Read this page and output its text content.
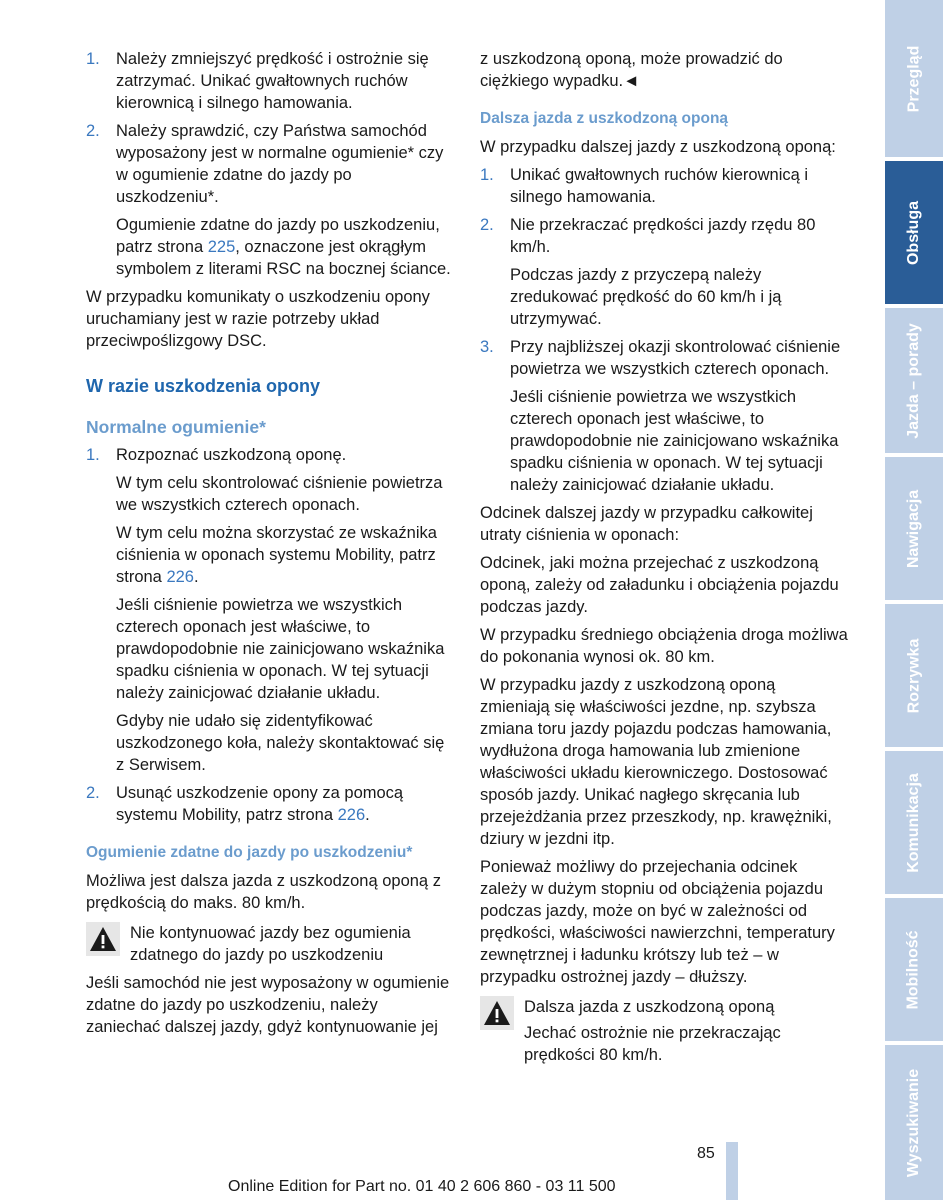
1. Należy zmniejszyć prędkość i ostrożnie się zatrzymać. Unikać gwałtownych ruchów kierownicą i silnego hamowania.
2. Należy sprawdzić, czy Państwa samochód wyposażony jest w normalne ogumienie* czy w ogumienie zdatne do jazdy po uszkodzeniu*.

Ogumienie zdatne do jazdy po uszkodzeniu, patrz strona 225, oznaczone jest okrągłym symbolem z literami RSC na bocznej ściance.

W przypadku komunikaty o uszkodzeniu opony uruchamiany jest w razie potrzeby układ przeciwpoślizgowy DSC.

W razie uszkodzenia opony
Normalne ogumienie*
1. Rozpoznać uszkodzoną oponę.

W tym celu skontrolować ciśnienie powietrza we wszystkich czterech oponach.

W tym celu można skorzystać ze wskaźnika ciśnienia w oponach systemu Mobility, patrz strona 226.

Jeśli ciśnienie powietrza we wszystkich czterech oponach jest właściwe, to prawdopodobnie nie zainicjowano wskaźnika spadku ciśnienia w oponach. W tej sytuacji należy zainicjować działanie układu.

Gdyby nie udało się zidentyfikować uszkodzonego koła, należy skontaktować się z Serwisem.

2. Usunąć uszkodzenie opony za pomocą systemu Mobility, patrz strona 226.
Ogumienie zdatne do jazdy po uszkodzeniu*

Możliwa jest dalsza jazda z uszkodzoną oponą z prędkością do maks. 80 km/h.

Nie kontynuować jazdy bez ogumienia zdatnego do jazdy po uszkodzeniu

Jeśli samochód nie jest wyposażony w ogumienie zdatne do jazdy po uszkodzeniu, należy zaniechać dalszej jazdy, gdyż kontynuowanie jej

z uszkodzoną oponą, może prowadzić do ciężkiego wypadku.◄

Dalsza jazda z uszkodzoną oponą

W przypadku dalszej jazdy z uszkodzoną oponą:

1. Unikać gwałtownych ruchów kierownicą i silnego hamowania.
2. Nie przekraczać prędkości jazdy rzędu 80 km/h.

Podczas jazdy z przyczepą należy zredukować prędkość do 60 km/h i ją utrzymywać.

3. Przy najbliższej okazji skontrolować ciśnienie powietrza we wszystkich czterech oponach.

Jeśli ciśnienie powietrza we wszystkich czterech oponach jest właściwe, to prawdopodobnie nie zainicjowano wskaźnika spadku ciśnienia w oponach. W tej sytuacji należy zainicjować działanie układu.

Odcinek dalszej jazdy w przypadku całkowitej utraty ciśnienia w oponach:

Odcinek, jaki można przejechać z uszkodzoną oponą, zależy od załadunku i obciążenia pojazdu podczas jazdy.

W przypadku średniego obciążenia droga możliwa do pokonania wynosi ok. 80 km.

W przypadku jazdy z uszkodzoną oponą zmieniają się właściwości jezdne, np. szybsza zmiana toru jazdy pojazdu podczas hamowania, wydłużona droga hamowania lub zmienione właściwości układu kierowniczego. Dostosować sposób jazdy. Unikać nagłego skręcania lub przejeżdżania przez przeszkody, np. krawężniki, dziury w jezdni itp.

Ponieważ możliwy do przejechania odcinek zależy w dużym stopniu od obciążenia pojazdu podczas jazdy, może on być w zależności od prędkości, właściwości nawierzchni, temperatury zewnętrznej i ładunku krótszy lub też – w przypadku ostrożnej jazdy – dłuższy.

Dalsza jazda z uszkodzoną oponą

Jechać ostrożnie nie przekraczając prędkości 80 km/h.

Przegląd
Obsługa
Jazda – porady
Nawigacja
Rozrywka
Komunikacja
Mobilność
Wyszukiwanie
85
Online Edition for Part no. 01 40 2 606 860 - 03 11 500
